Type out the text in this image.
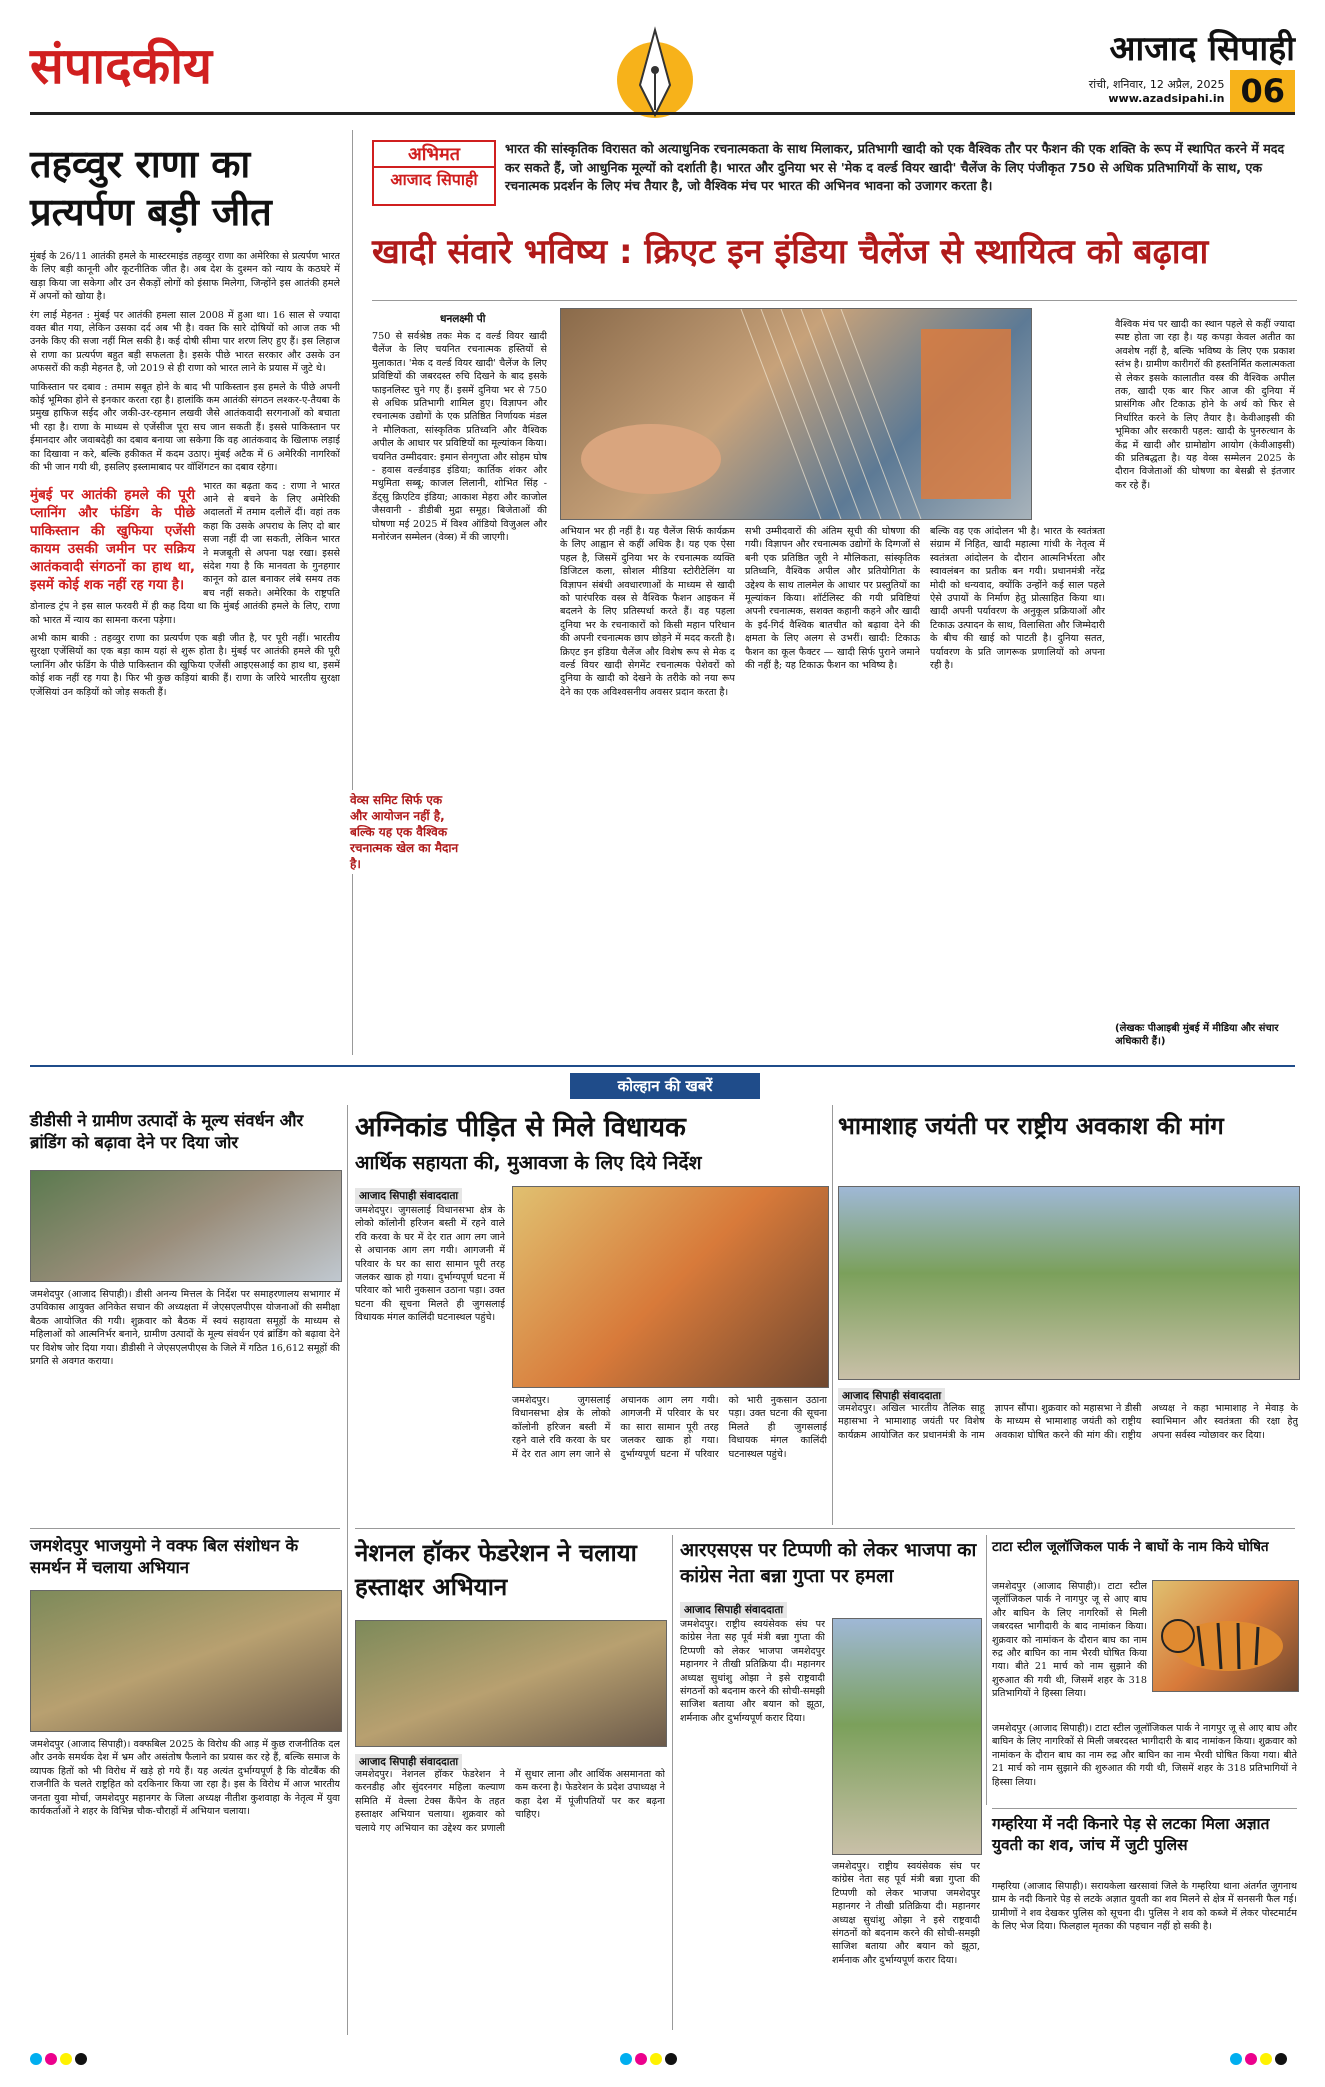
संपादकीय	आजाद सिपाही
रांची, शनिवार, 12 अप्रैल, 2025
www.azadsipahi.in 06
तहव्वुर राणा का प्रत्यर्पण बड़ी जीत

मुंबई के 26/11 आतंकी हमले के मास्टरमाइंड तहव्वुर राणा का अमेरिका से प्रत्यर्पण भारत के लिए बड़ी कानूनी और कूटनीतिक जीत है। अब देश के दुश्मन को न्याय के कठघरे में खड़ा किया जा सकेगा और उन सैकड़ों लोगों को इंसाफ मिलेगा, जिन्होंने इस आतंकी हमले में अपनों को खोया है।

रंग लाई मेहनत : मुंबई पर आतंकी हमला साल 2008 में हुआ था। 16 साल से ज्यादा वक्त बीत गया, लेकिन उसका दर्द अब भी है। वक्त कि सारे दोषियों को आज तक भी उनके किए की सजा नहीं मिल सकी है। कई दोषी सीमा पार शरण लिए हुए हैं। इस लिहाज से राणा का प्रत्यर्पण बहुत बड़ी सफलता है। इसके पीछे भारत सरकार और उसके उन अफसरों की कड़ी मेहनत है, जो 2019 से ही राणा को भारत लाने के प्रयास में जुटे थे।

पाकिस्तान पर दबाव : तमाम सबूत होने के बाद भी पाकिस्तान इस हमले के पीछे अपनी कोई भूमिका होने से इनकार करता रहा है। हालांकि कम आतंकी संगठन लश्कर-ए-तैयबा के प्रमुख हाफिज सईद और जकी-उर-रहमान लखवी जैसे आतंकवादी सरगनाओं को बचाता भी रहा है। राणा के माध्यम से एजेंसीज पूरा सच जान सकती हैं। इससे पाकिस्तान पर ईमानदार और जवाबदेही का दबाव बनाया जा सकेगा कि वह आतंकवाद के खिलाफ लड़ाई का दिखावा न करे, बल्कि हकीकत में कदम उठाए। मुंबई अटैक में 6 अमेरिकी नागरिकों की भी जान गयी थी, इसलिए इस्लामाबाद पर वॉशिंगटन का दबाव रहेगा।

मुंबई पर आतंकी हमले की पूरी प्लानिंग और फंडिंग के पीछे पाकिस्तान की खुफिया एजेंसी कायम उसकी जमीन पर सक्रिय आतंकवादी संगठनों का हाथ था, इसमें कोई शक नहीं रह गया है।

भारत का बढ़ता कद : राणा ने भारत आने से बचने के लिए अमेरिकी अदालतों में तमाम दलीलें दीं। वहां तक कहा कि उसके अपराध के लिए दो बार सजा नहीं दी जा सकती, लेकिन भारत ने मजबूती से अपना पक्ष रखा। इससे संदेश गया है कि मानवता के गुनहगार कानून को ढाल बनाकर लंबे समय तक बच नहीं सकते। अमेरिका के राष्ट्रपति डोनाल्ड ट्रंप ने इस साल फरवरी में ही कह दिया था कि मुंबई आतंकी हमले के लिए, राणा को भारत में न्याय का सामना करना पड़ेगा।

अभी काम बाकी : तहव्वुर राणा का प्रत्यर्पण एक बड़ी जीत है, पर पूरी नहीं। भारतीय सुरक्षा एजेंसियों का एक बड़ा काम यहां से शुरू होता है। मुंबई पर आतंकी हमले की पूरी प्लानिंग और फंडिंग के पीछे पाकिस्तान की खुफिया एजेंसी आइएसआई का हाथ था, इसमें कोई शक नहीं रह गया है। फिर भी कुछ कड़ियां बाकी हैं। राणा के जरिये भारतीय सुरक्षा एजेंसियां उन कड़ियों को जोड़ सकती हैं।

अभिमत
आजाद सिपाही
भारत की सांस्कृतिक विरासत को अत्याधुनिक रचनात्मकता के साथ मिलाकर, प्रतिभागी खादी को एक वैश्विक तौर पर फैशन की एक शक्ति के रूप में स्थापित करने में मदद कर सकते हैं, जो आधुनिक मूल्यों को दर्शाती है। भारत और दुनिया भर से 'मेक द वर्ल्ड वियर खादी' चैलेंज के लिए पंजीकृत 750 से अधिक प्रतिभागियों के साथ, एक रचनात्मक प्रदर्शन के लिए मंच तैयार है, जो वैश्विक मंच पर भारत की अभिनव भावना को उजागर करता है।
खादी संवारे भविष्य : क्रिएट इन इंडिया चैलेंज से स्थायित्व को बढ़ावा
धनलक्ष्मी पी
750 से सर्वश्रेष्ठ तकः मेक द वर्ल्ड वियर खादी चैलेंज के लिए चयनित रचनात्मक हस्तियों से मुलाकात। 'मेक द वर्ल्ड वियर खादी' चैलेंज के लिए प्रविष्टियों की जबरदस्त रुचि दिखने के बाद इसके फाइनलिस्ट चुने गए हैं। इसमें दुनिया भर से 750 से अधिक प्रतिभागी शामिल हुए। विज्ञापन और रचनात्मक उद्योगों के एक प्रतिष्ठित निर्णायक मंडल ने मौलिकता, सांस्कृतिक प्रतिध्वनि और वैश्विक अपील के आधार पर प्रविष्टियों का मूल्यांकन किया। चयनित उम्मीदवार: इमान सेनगुप्ता और सोहम घोष - हवास वर्ल्डवाइड इंडिया; कार्तिक शंकर और मधुमिता सब्बू; काजल लिलानी, शोभित सिंह - डेंट्सु क्रिएटिव इंडिया; आकाश मेहरा और काजोल जैसवानी - डीडीबी मुद्रा समूह। बिजेताओं की घोषणा मई 2025 में विश्व ऑडियो विजुअल और मनोरंजन सम्मेलन (वेव्स) में की जाएगी।
अभियान भर ही नहीं है। यह चैलेंज सिर्फ कार्यक्रम के लिए आह्वान से कहीं अधिक है। यह एक ऐसा पहल है, जिसमें दुनिया भर के रचनात्मक व्यक्ति डिजिटल कला, सोशल मीडिया स्टोरीटेलिंग या विज्ञापन संबंधी अवधारणाओं के माध्यम से खादी को पारंपरिक वस्त्र से वैश्विक फैशन आइकन में बदलने के लिए प्रतिस्पर्धा करते हैं। वह पहला दुनिया भर के रचनाकारों को किसी महान परिधान की अपनी रचनात्मक छाप छोड़ने में मदद करती है। क्रिएट इन इंडिया चैलेंज और विशेष रूप से मेक द वर्ल्ड वियर खादी सेगमेंट रचनात्मक पेशेवरों को दुनिया के खादी को देखने के तरीके को नया रूप देने का एक अविश्वसनीय अवसर प्रदान करता है।
वेव्स समिट सिर्फ एक और आयोजन नहीं है, बल्कि यह एक वैश्विक रचनात्मक खेल का मैदान है।
सभी उम्मीदवारों की अंतिम सूची की घोषणा की गयी। विज्ञापन और रचनात्मक उद्योगों के दिग्गजों से बनी एक प्रतिष्ठित जूरी ने मौलिकता, सांस्कृतिक प्रतिध्वनि, वैश्विक अपील और प्रतियोगिता के उद्देश्य के साथ तालमेल के आधार पर प्रस्तुतियों का मूल्यांकन किया। शॉर्टलिस्ट की गयी प्रविष्टियां अपनी रचनात्मक, सशक्त कहानी कहने और खादी के इर्द-गिर्द वैश्विक बातचीत को बढ़ावा देने की क्षमता के लिए अलग से उभरीं। खादी: टिकाऊ फैशन का कूल फैक्टर — खादी सिर्फ पुराने जमाने की नहीं है; यह टिकाऊ फैशन का भविष्य है।
बल्कि वह एक आंदोलन भी है। भारत के स्वतंत्रता संग्राम में निहित, खादी महात्मा गांधी के नेतृत्व में स्वतंत्रता आंदोलन के दौरान आत्मनिर्भरता और स्वावलंबन का प्रतीक बन गयी। प्रधानमंत्री नरेंद्र मोदी को धन्यवाद, क्योंकि उन्होंने कई साल पहले ऐसे उपायों के निर्माण हेतु प्रोत्साहित किया था। खादी अपनी पर्यावरण के अनुकूल प्रक्रियाओं और टिकाऊ उत्पादन के साथ, विलासिता और जिम्मेदारी के बीच की खाई को पाटती है। दुनिया सतत, पर्यावरण के प्रति जागरूक प्रणालियों को अपना रही है।
वैश्विक मंच पर खादी का स्थान पहले से कहीं ज्यादा स्पष्ट होता जा रहा है। यह कपड़ा केवल अतीत का अवशेष नहीं है, बल्कि भविष्य के लिए एक प्रकाश स्तंभ है। ग्रामीण कारीगरों की हस्तनिर्मित कलात्मकता से लेकर इसके कालातीत वस्त्र की वैश्विक अपील तक, खादी एक बार फिर आज की दुनिया में प्रासंगिक और टिकाऊ होने के अर्थ को फिर से निर्धारित करने के लिए तैयार है। केवीआइसी की भूमिका और सरकारी पहल: खादी के पुनरुत्थान के केंद्र में खादी और ग्रामोद्योग आयोग (केवीआइसी) की प्रतिबद्धता है। यह वेव्स सम्मेलन 2025 के दौरान विजेताओं की घोषणा का बेसब्री से इंतजार कर रहे हैं।
(लेखकः पीआइबी मुंबई में मीडिया और संचार अधिकारी हैं।)
कोल्हान की खबरें
डीडीसी ने ग्रामीण उत्पादों के मूल्य संवर्धन और ब्रांडिंग को बढ़ावा देने पर दिया जोर
जमशेदपुर (आजाद सिपाही)। डीसी अनन्य मित्तल के निर्देश पर समाहरणालय सभागार में उपविकास आयुक्त अनिकेत सचान की अध्यक्षता में जेएसएलपीएस योजनाओं की समीक्षा बैठक आयोजित की गयी। शुक्रवार को बैठक में स्वयं सहायता समूहों के माध्यम से महिलाओं को आत्मनिर्भर बनाने, ग्रामीण उत्पादों के मूल्य संवर्धन एवं ब्रांडिंग को बढ़ावा देने पर विशेष जोर दिया गया। डीडीसी ने जेएसएलपीएस के जिले में गठित 16,612 समूहों की प्रगति से अवगत कराया।
जमशेदपुर भाजयुमो ने वक्फ बिल संशोधन के समर्थन में चलाया अभियान
जमशेदपुर (आजाद सिपाही)। वक्फबिल 2025 के विरोध की आड़ में कुछ राजनीतिक दल और उनके समर्थक देश में भ्रम और असंतोष फैलाने का प्रयास कर रहे हैं, बल्कि समाज के व्यापक हितों को भी विरोध में खड़े हो गये हैं। यह अत्यंत दुर्भाग्यपूर्ण है कि वोटबैंक की राजनीति के चलते राष्ट्रहित को दरकिनार किया जा रहा है। इस के विरोध में आज भारतीय जनता युवा मोर्चा, जमशेदपुर महानगर के जिला अध्यक्ष नीतीश कुशवाहा के नेतृत्व में युवा कार्यकर्ताओं ने शहर के विभिन्न चौक-चौराहों में अभियान चलाया।
अग्निकांड पीड़ित से मिले विधायक
आर्थिक सहायता की, मुआवजा के लिए दिये निर्देश
आजाद सिपाही संवाददाता
जमशेदपुर। जुगसलाई विधानसभा क्षेत्र के लोको कॉलोनी हरिजन बस्ती में रहने वाले रवि करवा के घर में देर रात आग लग जाने से अचानक आग लग गयी। आगजनी में परिवार के घर का सारा सामान पूरी तरह जलकर खाक हो गया। दुर्भाग्यपूर्ण घटना में परिवार को भारी नुकसान उठाना पड़ा। उक्त घटना की सूचना मिलते ही जुगसलाई विधायक मंगल कालिंदी घटनास्थल पहुंचे।
जमशेदपुर। जुगसलाई विधानसभा क्षेत्र के लोको कॉलोनी हरिजन बस्ती में रहने वाले रवि करवा के घर में देर रात आग लग जाने से अचानक आग लग गयी। आगजनी में परिवार के घर का सारा सामान पूरी तरह जलकर खाक हो गया। दुर्भाग्यपूर्ण घटना में परिवार को भारी नुकसान उठाना पड़ा। उक्त घटना की सूचना मिलते ही जुगसलाई विधायक मंगल कालिंदी घटनास्थल पहुंचे।
भामाशाह जयंती पर राष्ट्रीय अवकाश की मांग
आजाद सिपाही संवाददाता
जमशेदपुर। अखिल भारतीय तैलिक साहू महासभा ने भामाशाह जयंती पर विशेष कार्यक्रम आयोजित कर प्रधानमंत्री के नाम ज्ञापन सौंपा। शुक्रवार को महासभा ने डीसी के माध्यम से भामाशाह जयंती को राष्ट्रीय अवकाश घोषित करने की मांग की। राष्ट्रीय अध्यक्ष ने कहा भामाशाह ने मेवाड़ के स्वाभिमान और स्वतंत्रता की रक्षा हेतु अपना सर्वस्व न्योछावर कर दिया।
नेशनल हॉकर फेडरेशन ने चलाया हस्ताक्षर अभियान
आजाद सिपाही संवाददाता
जमशेदपुर। नेशनल हॉकर फेडरेशन ने करनडीह और सुंदरनगर महिला कल्याण समिति में वेल्ला टेक्स कैंपेन के तहत हस्ताक्षर अभियान चलाया। शुक्रवार को चलाये गए अभियान का उद्देश्य कर प्रणाली में सुधार लाना और आर्थिक असमानता को कम करना है। फेडरेशन के प्रदेश उपाध्यक्ष ने कहा देश में पूंजीपतियों पर कर बढ़ना चाहिए।
आरएसएस पर टिप्पणी को लेकर भाजपा का कांग्रेस नेता बन्ना गुप्ता पर हमला
आजाद सिपाही संवाददाता
जमशेदपुर। राष्ट्रीय स्वयंसेवक संघ पर कांग्रेस नेता सह पूर्व मंत्री बन्ना गुप्ता की टिप्पणी को लेकर भाजपा जमशेदपुर महानगर ने तीखी प्रतिक्रिया दी। महानगर अध्यक्ष सुधांशु ओझा ने इसे राष्ट्रवादी संगठनों को बदनाम करने की सोची-समझी साजिश बताया और बयान को झूठा, शर्मनाक और दुर्भाग्यपूर्ण करार दिया।
जमशेदपुर। राष्ट्रीय स्वयंसेवक संघ पर कांग्रेस नेता सह पूर्व मंत्री बन्ना गुप्ता की टिप्पणी को लेकर भाजपा जमशेदपुर महानगर ने तीखी प्रतिक्रिया दी। महानगर अध्यक्ष सुधांशु ओझा ने इसे राष्ट्रवादी संगठनों को बदनाम करने की सोची-समझी साजिश बताया और बयान को झूठा, शर्मनाक और दुर्भाग्यपूर्ण करार दिया।
टाटा स्टील जूलॉजिकल पार्क ने बाघों के नाम किये घोषित
जमशेदपुर (आजाद सिपाही)। टाटा स्टील जूलॉजिकल पार्क ने नागपुर जू से आए बाघ और बाघिन के लिए नागरिकों से मिली जबरदस्त भागीदारी के बाद नामांकन किया। शुक्रवार को नामांकन के दौरान बाघ का नाम रुद्र और बाघिन का नाम भैरवी घोषित किया गया। बीते 21 मार्च को नाम सुझाने की शुरुआत की गयी थी, जिसमें शहर के 318 प्रतिभागियों ने हिस्सा लिया।
जमशेदपुर (आजाद सिपाही)। टाटा स्टील जूलॉजिकल पार्क ने नागपुर जू से आए बाघ और बाघिन के लिए नागरिकों से मिली जबरदस्त भागीदारी के बाद नामांकन किया। शुक्रवार को नामांकन के दौरान बाघ का नाम रुद्र और बाघिन का नाम भैरवी घोषित किया गया। बीते 21 मार्च को नाम सुझाने की शुरुआत की गयी थी, जिसमें शहर के 318 प्रतिभागियों ने हिस्सा लिया।
गम्हरिया में नदी किनारे पेड़ से लटका मिला अज्ञात युवती का शव, जांच में जुटी पुलिस
गम्हरिया (आजाद सिपाही)। सरायकेला खरसावां जिले के गम्हरिया थाना अंतर्गत जुगनाथ ग्राम के नदी किनारे पेड़ से लटके अज्ञात युवती का शव मिलने से क्षेत्र में सनसनी फैल गई। ग्रामीणों ने शव देखकर पुलिस को सूचना दी। पुलिस ने शव को कब्जे में लेकर पोस्टमार्टम के लिए भेज दिया। फिलहाल मृतका की पहचान नहीं हो सकी है।
